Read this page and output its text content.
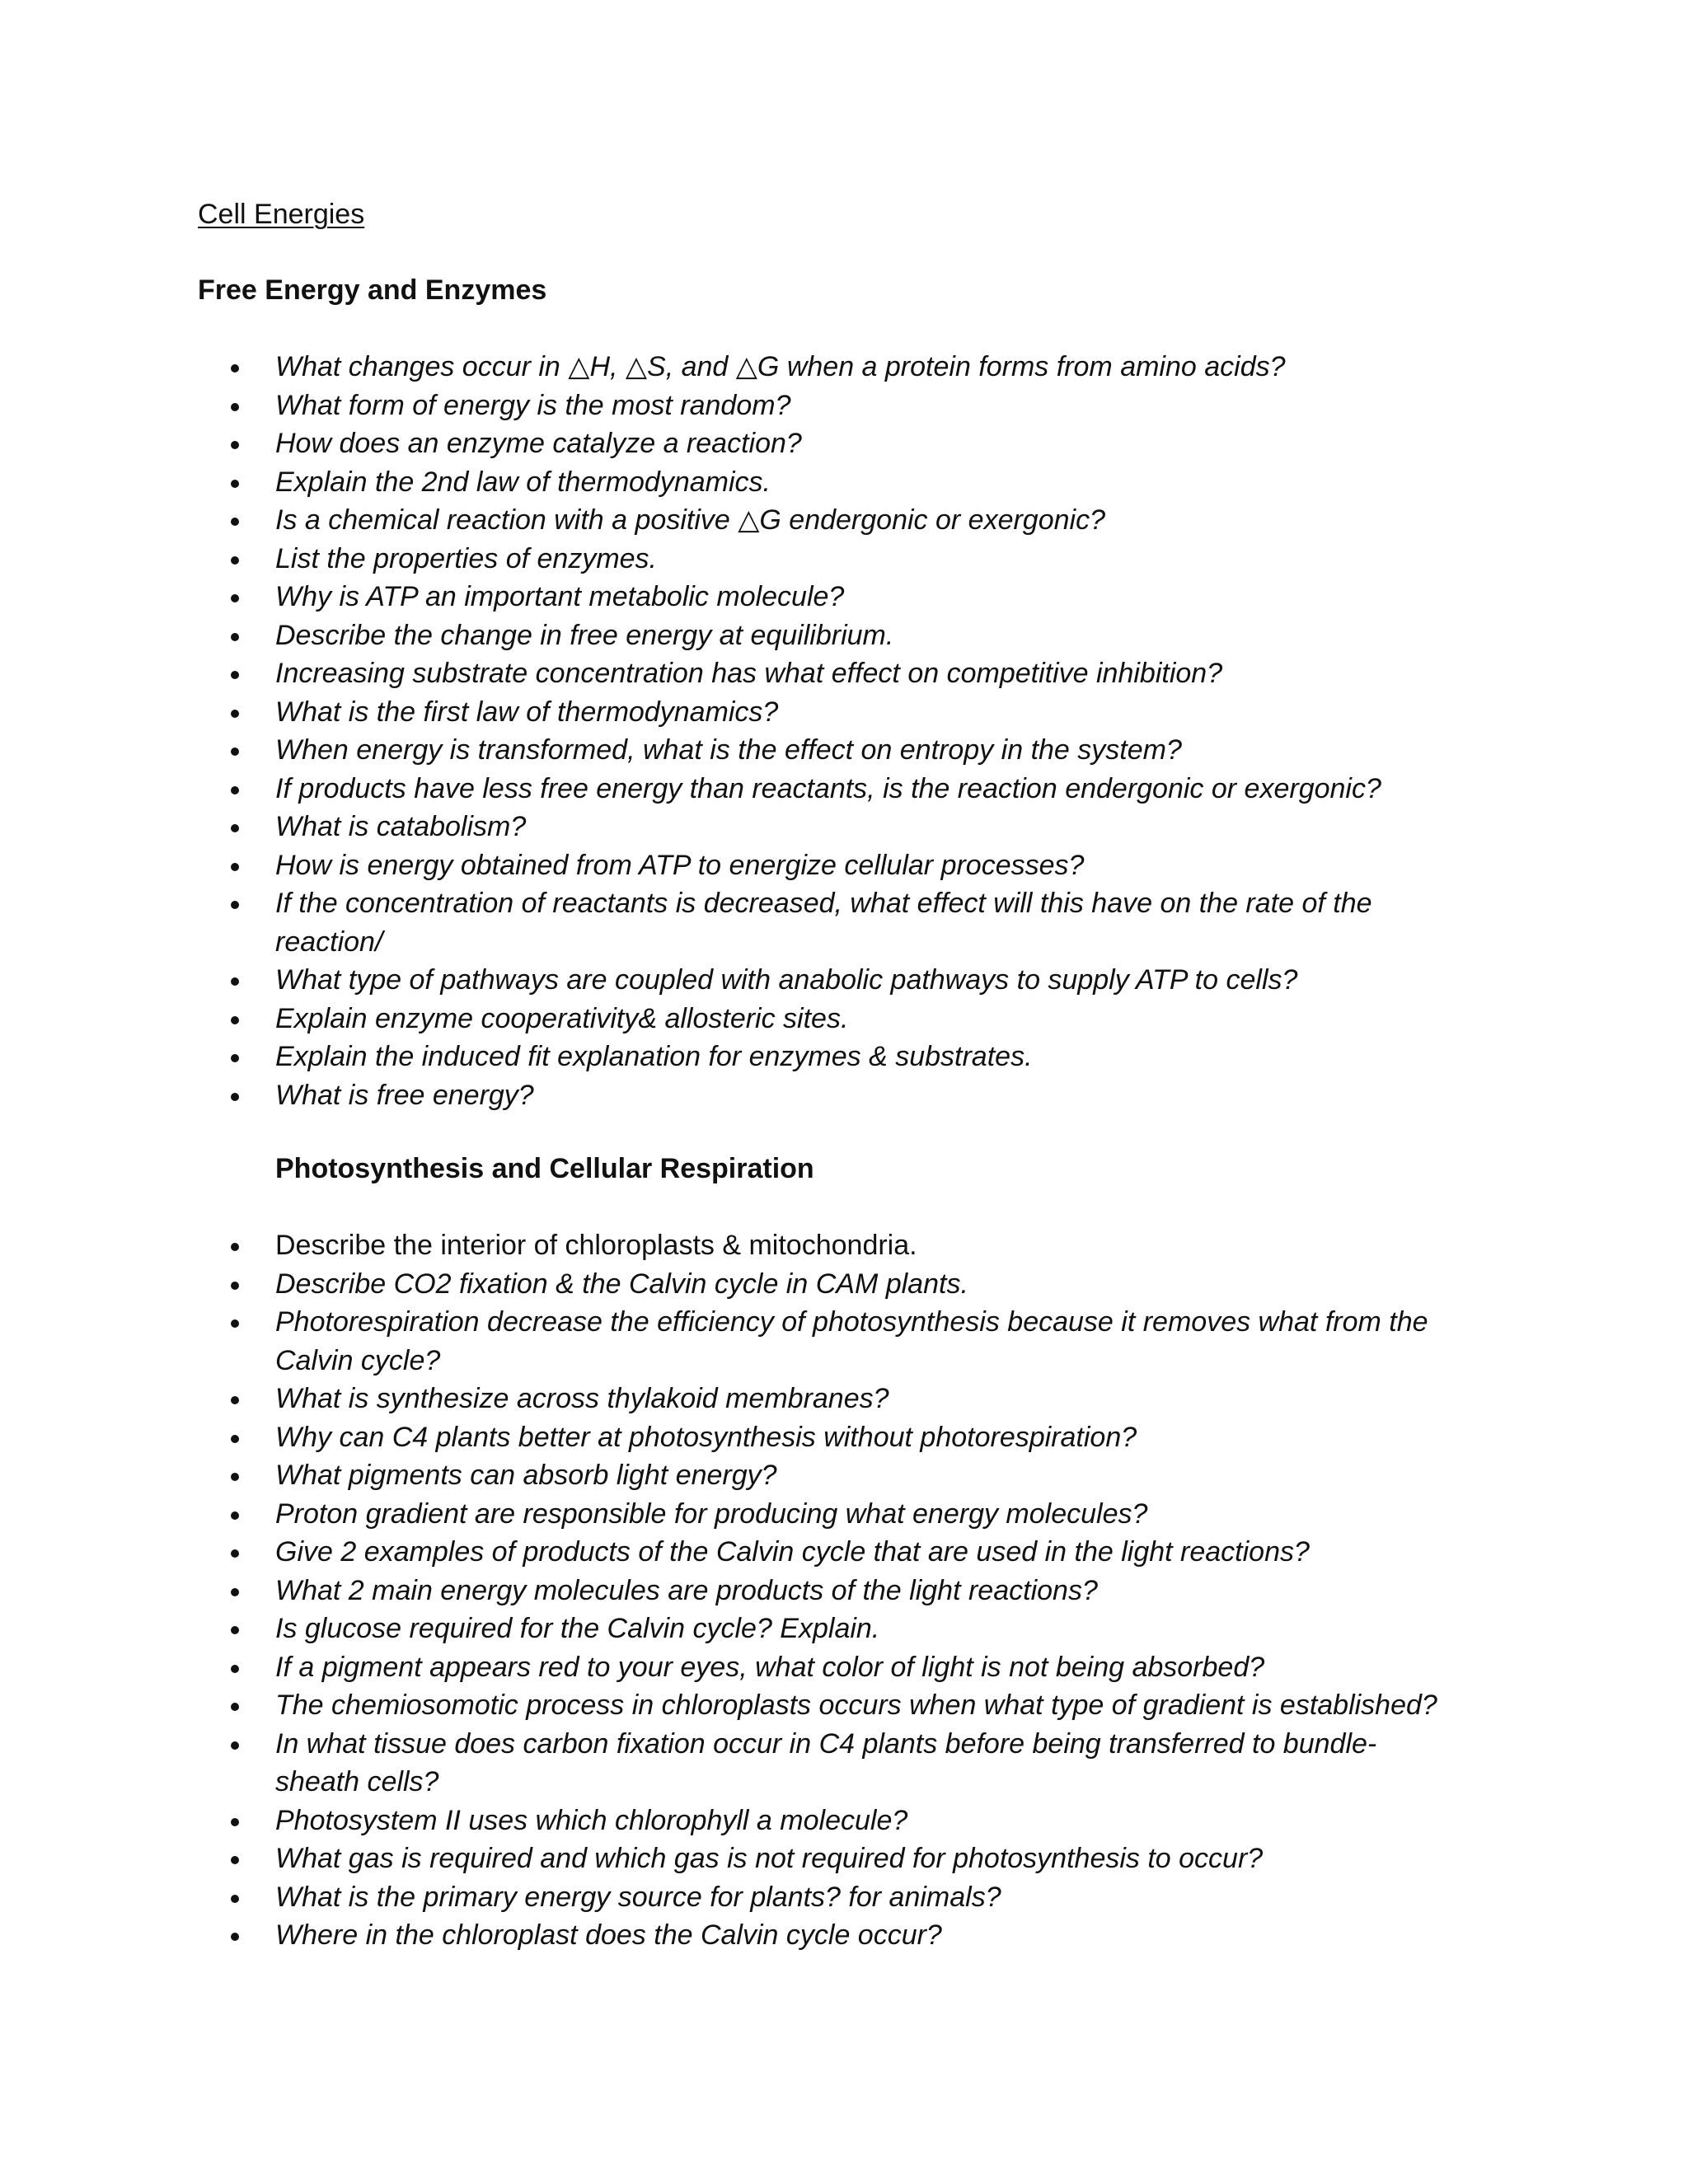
Cell Energies
Free Energy and Enzymes
What changes occur in △H, △S, and △G when a protein forms from amino acids?
What form of energy is the most random?
How does an enzyme catalyze a reaction?
Explain the 2nd law of thermodynamics.
Is a chemical reaction with a positive △G endergonic or exergonic?
List the properties of enzymes.
Why is ATP an important metabolic molecule?
Describe the change in free energy at equilibrium.
Increasing substrate concentration has what effect on competitive inhibition?
What is the first law of thermodynamics?
When energy is transformed, what is the effect on entropy in the system?
If products have less free energy than reactants, is the reaction endergonic or exergonic?
What is catabolism?
How is energy obtained from ATP to energize cellular processes?
If the concentration of reactants is decreased, what effect will this have on the rate of the reaction/
What type of pathways are coupled with anabolic pathways to supply ATP to cells?
Explain enzyme cooperativity& allosteric sites.
Explain the induced fit explanation for enzymes & substrates.
What is free energy?
Photosynthesis and Cellular Respiration
Describe the interior of chloroplasts & mitochondria.
Describe CO2 fixation & the Calvin cycle in CAM plants.
Photorespiration decrease the efficiency of photosynthesis because it removes what from the Calvin cycle?
What is synthesize across thylakoid membranes?
Why can C4 plants better at photosynthesis without photorespiration?
What pigments can absorb light energy?
Proton gradient are responsible for producing what energy molecules?
Give 2 examples of products of the Calvin cycle that are used in the light reactions?
What 2 main energy molecules are products of the light reactions?
Is glucose required for the Calvin cycle? Explain.
If a pigment appears red to your eyes, what color of light is not being absorbed?
The chemiosomotic process in chloroplasts occurs when what type of gradient is established?
In what tissue does carbon fixation occur in C4 plants before being transferred to bundle-sheath cells?
Photosystem II uses which chlorophyll a molecule?
What gas is required and which gas is not required for photosynthesis to occur?
What is the primary energy source for plants? for animals?
Where in the chloroplast does the Calvin cycle occur?
